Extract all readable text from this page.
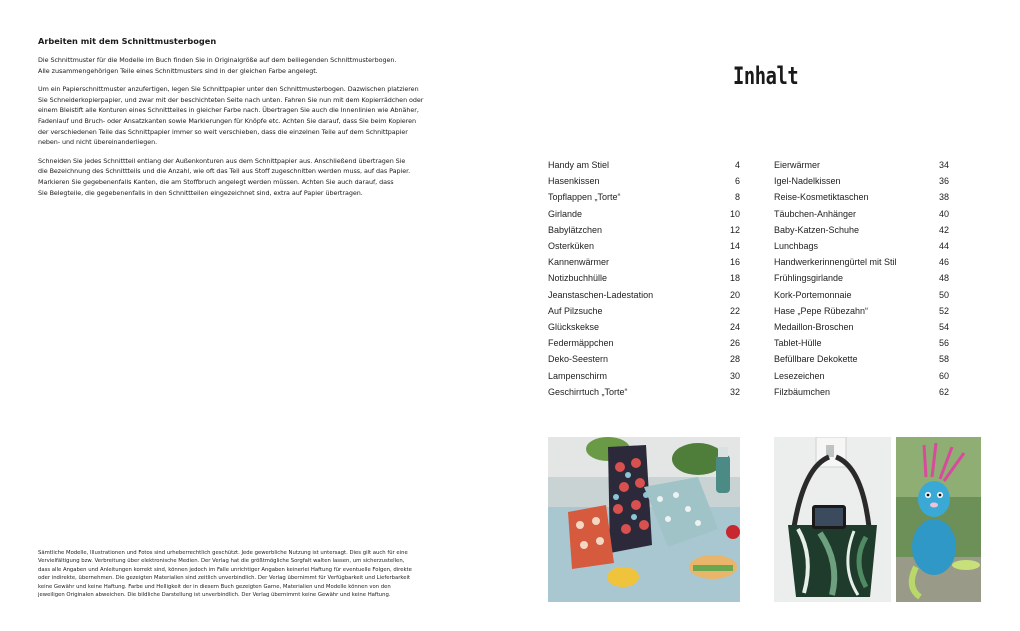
Arbeiten mit dem Schnittmusterbogen
Die Schnittmuster für die Modelle im Buch finden Sie in Originalgröße auf dem beiliegenden Schnittmusterbogen.
Alle zusammengehörigen Teile eines Schnittmusters sind in der gleichen Farbe angelegt.
Um ein Papierschnittmuster anzufertigen, legen Sie Schnittpapier unter den Schnittmusterbogen. Dazwischen platzieren
Sie Schneiderkopierpapier, und zwar mit der beschichteten Seite nach unten. Fahren Sie nun mit dem Kopierrädchen oder
einem Bleistift alle Konturen eines Schnittteiles in gleicher Farbe nach. Übertragen Sie auch die Innenlinien wie Abnäher,
Fadenlauf und Bruch- oder Ansatzkanten sowie Markierungen für Knöpfe etc. Achten Sie darauf, dass Sie beim Kopieren
der verschiedenen Teile das Schnittpapier immer so weit verschieben, dass die einzelnen Teile auf dem Schnittpapier
neben- und nicht übereinanderliegen.
Schneiden Sie jedes Schnittteil entlang der Außenkonturen aus dem Schnittpapier aus. Anschließend übertragen Sie
die Bezeichnung des Schnittteils und die Anzahl, wie oft das Teil aus Stoff zugeschnitten werden muss, auf das Papier.
Markieren Sie gegebenenfalls Kanten, die am Stoffbruch angelegt werden müssen. Achten Sie auch darauf, dass
Sie Belegteile, die gegebenenfalls in den Schnittteilen eingezeichnet sind, extra auf Papier übertragen.
Sämtliche Modelle, Illustrationen und Fotos sind urheberrechtlich geschützt. Jede gewerbliche Nutzung ist untersagt. Dies gilt auch für eine
Vervielfältigung bzw. Verbreitung über elektronische Medien. Der Verlag hat die größtmögliche Sorgfalt walten lassen, um sicherzustellen,
dass alle Angaben und Anleitungen korrekt sind, können jedoch im Falle unrichtiger Angaben keinerlei Haftung für eventuelle Folgen, direkte
oder indirekte, übernehmen. Die gezeigten Materialien sind zeitlich unverbindlich. Der Verlag übernimmt für Verfügbarkeit und Lieferbarkeit
keine Gewähr und keine Haftung. Farbe und Helligkeit der in diesem Buch gezeigten Garne, Materialien und Modelle können von den
jeweiligen Originalen abweichen. Die bildliche Darstellung ist unverbindlich. Der Verlag übernimmt keine Gewähr und keine Haftung.
Inhalt
Handy am Stiel	4
Hasenkissen	6
Topflappen „Torte“	8
Girlande	10
Babylätzchen	12
Osterküken	14
Kannenwärmer	16
Notizbuchhülle	18
Jeanstaschen-Ladestation	20
Auf Pilzsuche	22
Glückskekse	24
Federmäppchen	26
Deko-Seestern	28
Lampenschirm	30
Geschirrtuch „Torte“	32
Eierwärmer	34
Igel-Nadelkissen	36
Reise-Kosmetiktaschen	38
Täubchen-Anhänger	40
Baby-Katzen-Schuhe	42
Lunchbags	44
Handwerkerinnengürtel mit Stil	46
Frühlingsgirlande	48
Kork-Portemonnaie	50
Hase „Pepe Rübezahn“	52
Medaillon-Broschen	54
Tablet-Hülle	56
Befüllbare Dekokette	58
Lesezeichen	60
Filzbäumchen	62
